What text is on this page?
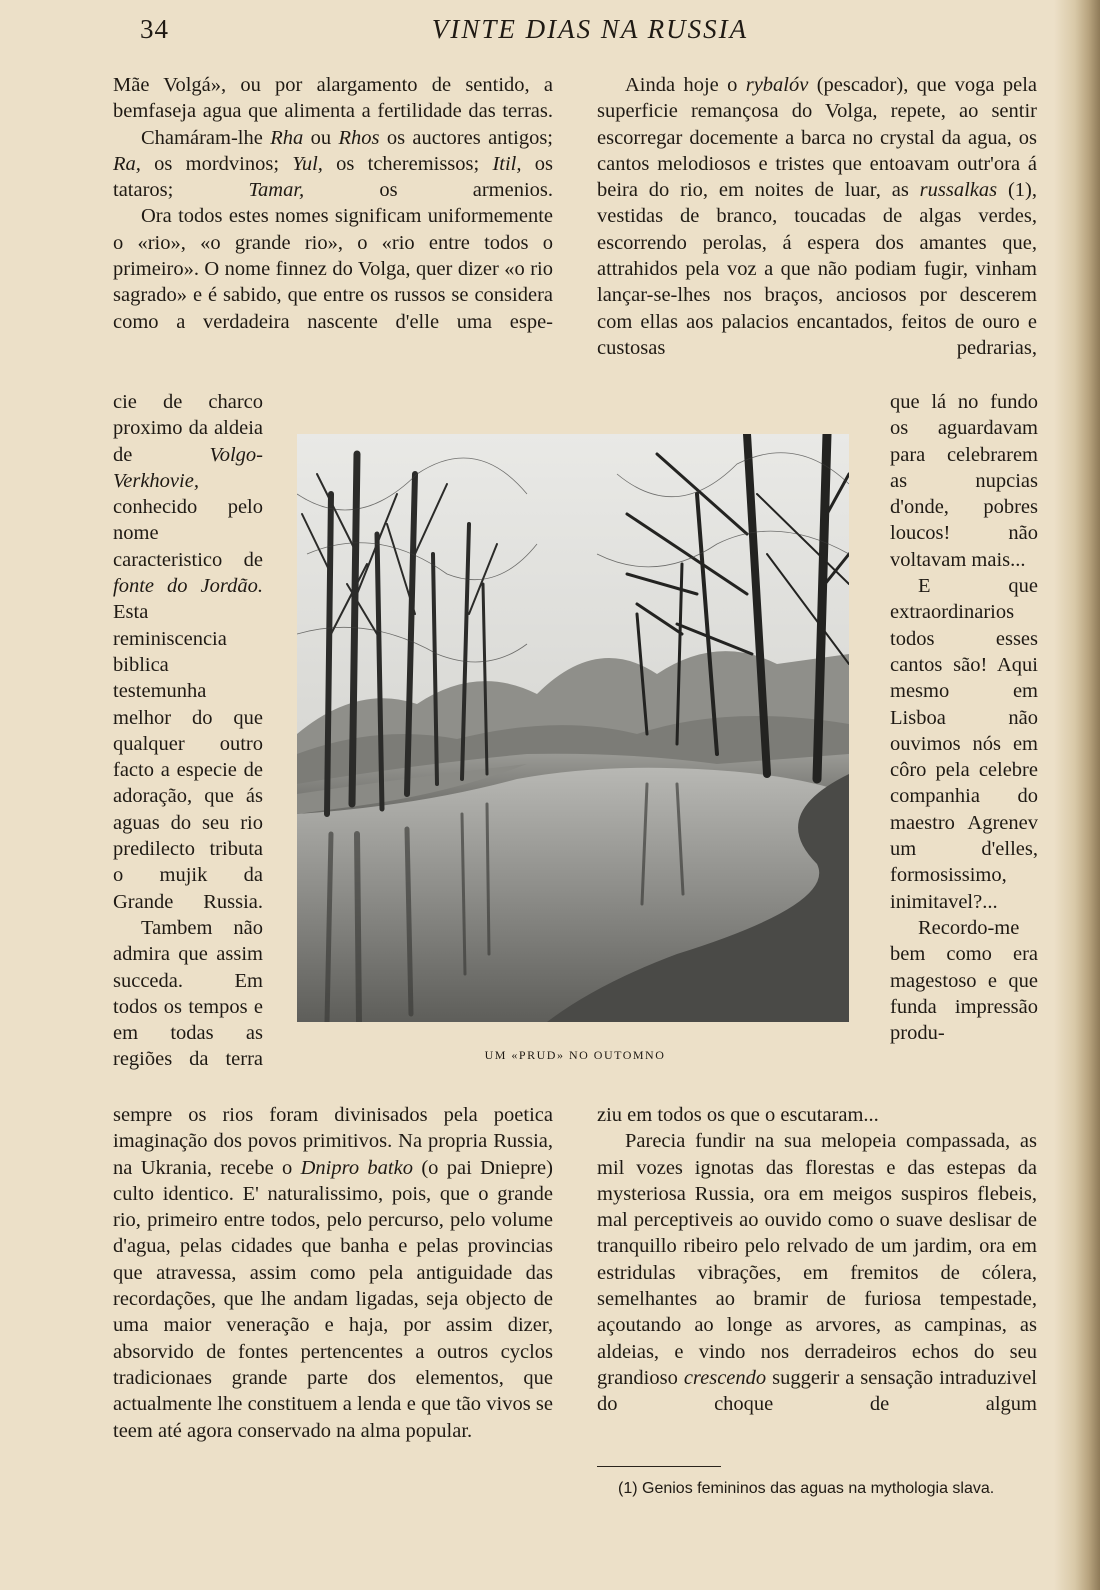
34	VINTE DIAS NA RUSSIA

Mãe Volgá», ou por alargamento de sentido, a bemfaseja agua que alimenta a fertilidade das terras.

Chamáram-lhe Rha ou Rhos os auctores antigos; Ra, os mordvinos; Yul, os tcheremissos; Itil, os tataros; Tamar, os armenios.

Ora todos estes nomes significam uniformemente o «rio», «o grande rio», o «rio entre todos o primeiro». O nome finnez do Volga, quer dizer «o rio sagrado» e é sabido, que entre os russos se considera como a verdadeira nascente d'elle uma espe-

cie de charco proximo da aldeia de Volgo-Verkhovie, conhecido pelo nome caracteristico de fonte do Jordão. Esta reminiscencia biblica testemunha melhor do que qualquer outro facto a especie de adoração, que ás aguas do seu rio predilecto tributa o mujik da Grande Russia.

Tambem não admira que assim succeda. Em todos os tempos e em todas as regiões da terra

sempre os rios foram divinisados pela poetica imaginação dos povos primitivos. Na propria Russia, na Ukrania, recebe o Dnipro batko (o pai Dniepre) culto identico. E' naturalissimo, pois, que o grande rio, primeiro entre todos, pelo percurso, pelo volume d'agua, pelas cidades que banha e pelas provincias que atravessa, assim como pela antiguidade das recordações, que lhe andam ligadas, seja objecto de uma maior veneração e haja, por assim dizer, absorvido de fontes pertencentes a outros cyclos tradicionaes grande parte dos elementos, que actualmente lhe constituem a lenda e que tão vivos se teem até agora conservado na alma popular.

Ainda hoje o rybalóv (pescador), que voga pela superficie remançosa do Volga, repete, ao sentir escorregar docemente a barca no crystal da agua, os cantos melodiosos e tristes que entoavam outr'ora á beira do rio, em noites de luar, as russalkas (1), vestidas de branco, toucadas de algas verdes, escorrendo perolas, á espera dos amantes que, attrahidos pela voz a que não podiam fugir, vinham lançar-se-lhes nos braços, anciosos por descerem com ellas aos palacios encantados, feitos de ouro e custosas pedrarias,

que lá no fundo os aguardavam para celebrarem as nupcias d'onde, pobres loucos! não voltavam mais...

E que extraordinarios todos esses cantos são! Aqui mesmo em Lisboa não ouvimos nós em côro pela celebre companhia do maestro Agrenev um d'elles, formosissimo, inimitavel?...

Recordo-me bem como era magestoso e que funda impressão produ-

ziu em todos os que o escutaram...

Parecia fundir na sua melopeia compassada, as mil vozes ignotas das florestas e das estepas da mysteriosa Russia, ora em meigos suspiros flebeis, mal perceptiveis ao ouvido como o suave deslisar de tranquillo ribeiro pelo relvado de um jardim, ora em estridulas vibrações, em fremitos de cólera, semelhantes ao bramir de furiosa tempestade, açoutando ao longe as arvores, as campinas, as aldeias, e vindo nos derradeiros echos do seu grandioso crescendo suggerir a sensação intraduzivel do choque de algum

UM «PRUD» NO OUTOMNO
(1) Genios femininos das aguas na mythologia slava.
